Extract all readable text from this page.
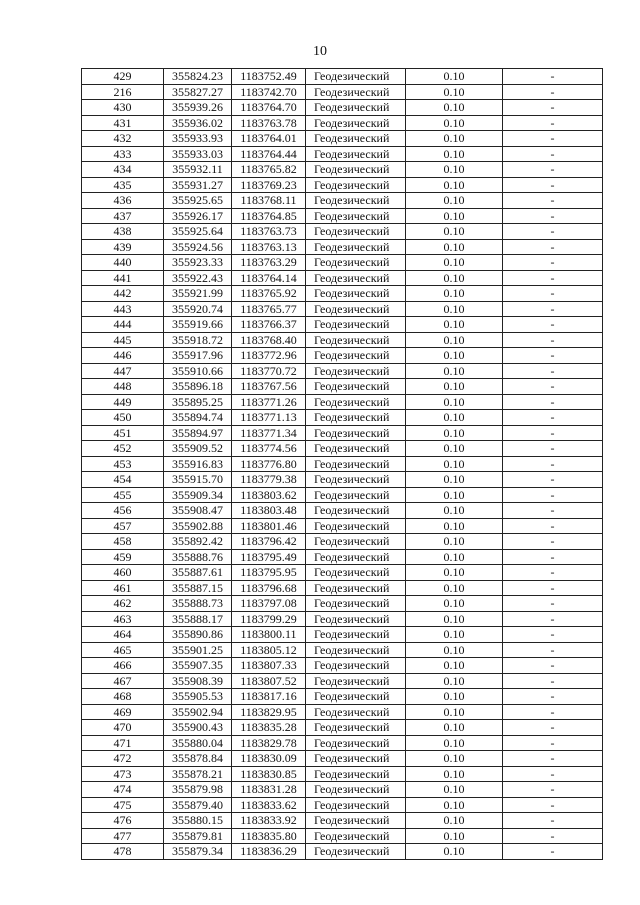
10
429	355824.23	1183752.49	Геодезический	0.10	-
216	355827.27	1183742.70	Геодезический	0.10	-
430	355939.26	1183764.70	Геодезический	0.10	-
431	355936.02	1183763.78	Геодезический	0.10	-
432	355933.93	1183764.01	Геодезический	0.10	-
433	355933.03	1183764.44	Геодезический	0.10	-
434	355932.11	1183765.82	Геодезический	0.10	-
435	355931.27	1183769.23	Геодезический	0.10	-
436	355925.65	1183768.11	Геодезический	0.10	-
437	355926.17	1183764.85	Геодезический	0.10	-
438	355925.64	1183763.73	Геодезический	0.10	-
439	355924.56	1183763.13	Геодезический	0.10	-
440	355923.33	1183763.29	Геодезический	0.10	-
441	355922.43	1183764.14	Геодезический	0.10	-
442	355921.99	1183765.92	Геодезический	0.10	-
443	355920.74	1183765.77	Геодезический	0.10	-
444	355919.66	1183766.37	Геодезический	0.10	-
445	355918.72	1183768.40	Геодезический	0.10	-
446	355917.96	1183772.96	Геодезический	0.10	-
447	355910.66	1183770.72	Геодезический	0.10	-
448	355896.18	1183767.56	Геодезический	0.10	-
449	355895.25	1183771.26	Геодезический	0.10	-
450	355894.74	1183771.13	Геодезический	0.10	-
451	355894.97	1183771.34	Геодезический	0.10	-
452	355909.52	1183774.56	Геодезический	0.10	-
453	355916.83	1183776.80	Геодезический	0.10	-
454	355915.70	1183779.38	Геодезический	0.10	-
455	355909.34	1183803.62	Геодезический	0.10	-
456	355908.47	1183803.48	Геодезический	0.10	-
457	355902.88	1183801.46	Геодезический	0.10	-
458	355892.42	1183796.42	Геодезический	0.10	-
459	355888.76	1183795.49	Геодезический	0.10	-
460	355887.61	1183795.95	Геодезический	0.10	-
461	355887.15	1183796.68	Геодезический	0.10	-
462	355888.73	1183797.08	Геодезический	0.10	-
463	355888.17	1183799.29	Геодезический	0.10	-
464	355890.86	1183800.11	Геодезический	0.10	-
465	355901.25	1183805.12	Геодезический	0.10	-
466	355907.35	1183807.33	Геодезический	0.10	-
467	355908.39	1183807.52	Геодезический	0.10	-
468	355905.53	1183817.16	Геодезический	0.10	-
469	355902.94	1183829.95	Геодезический	0.10	-
470	355900.43	1183835.28	Геодезический	0.10	-
471	355880.04	1183829.78	Геодезический	0.10	-
472	355878.84	1183830.09	Геодезический	0.10	-
473	355878.21	1183830.85	Геодезический	0.10	-
474	355879.98	1183831.28	Геодезический	0.10	-
475	355879.40	1183833.62	Геодезический	0.10	-
476	355880.15	1183833.92	Геодезический	0.10	-
477	355879.81	1183835.80	Геодезический	0.10	-
478	355879.34	1183836.29	Геодезический	0.10	-
